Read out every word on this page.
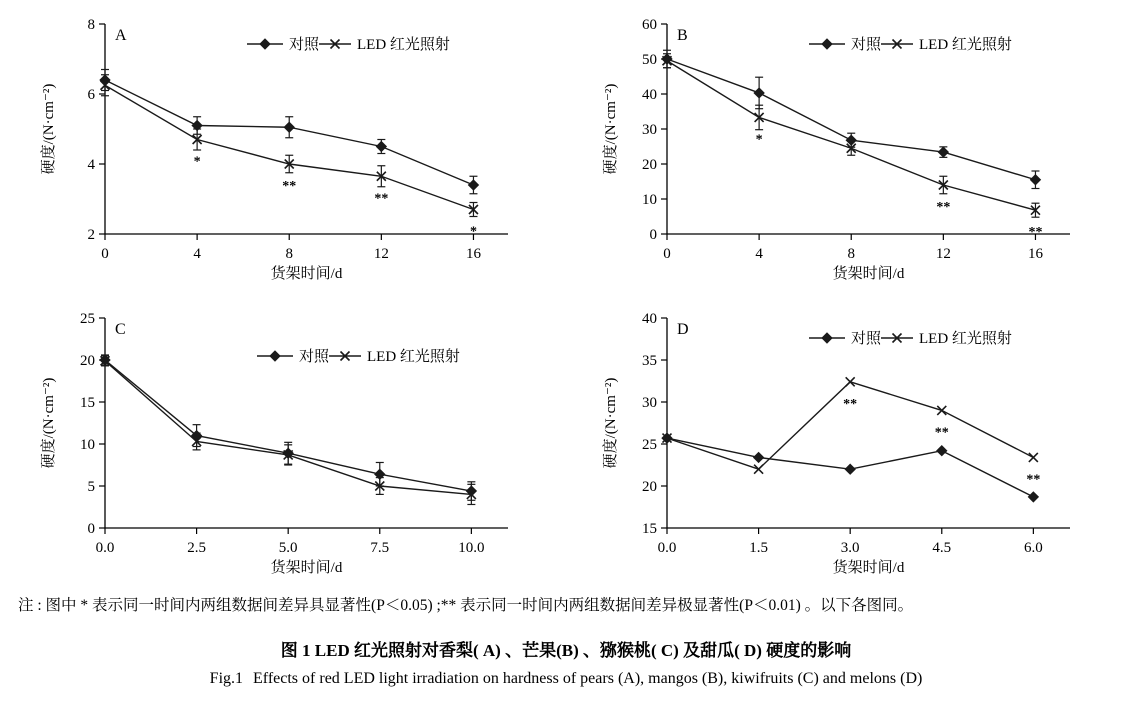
2
4
6
8
0	4	8	12	16
货架时间/d
硬度/(N·cm⁻²)
A
*
**
**
*
对照	LED 红光照射
0
10
20
30
40
50
60
0	4	8	12	16
货架时间/d
硬度/(N·cm⁻²)
B
*
**
**
对照	LED 红光照射
0
5
10
15
20
25
0.0	2.5	5.0	7.5	10.0
货架时间/d
硬度/(N·cm⁻²)
C
对照	LED 红光照射
15
20
25
30
35
40
0.0	1.5	3.0	4.5	6.0
货架时间/d
硬度/(N·cm⁻²)
D
**
**
**
对照	LED 红光照射
注 : 图中 * 表示同一时间内两组数据间差异具显著性(P＜0.05) ;** 表示同一时间内两组数据间差异极显著性(P＜0.01) 。以下各图同。
图 1 LED 红光照射对香梨( A) 、芒果(B) 、猕猴桃( C) 及甜瓜( D) 硬度的影响
Fig.1 Effects of red LED light irradiation on hardness of pears (A), mangos (B), kiwifruits (C) and melons (D)
